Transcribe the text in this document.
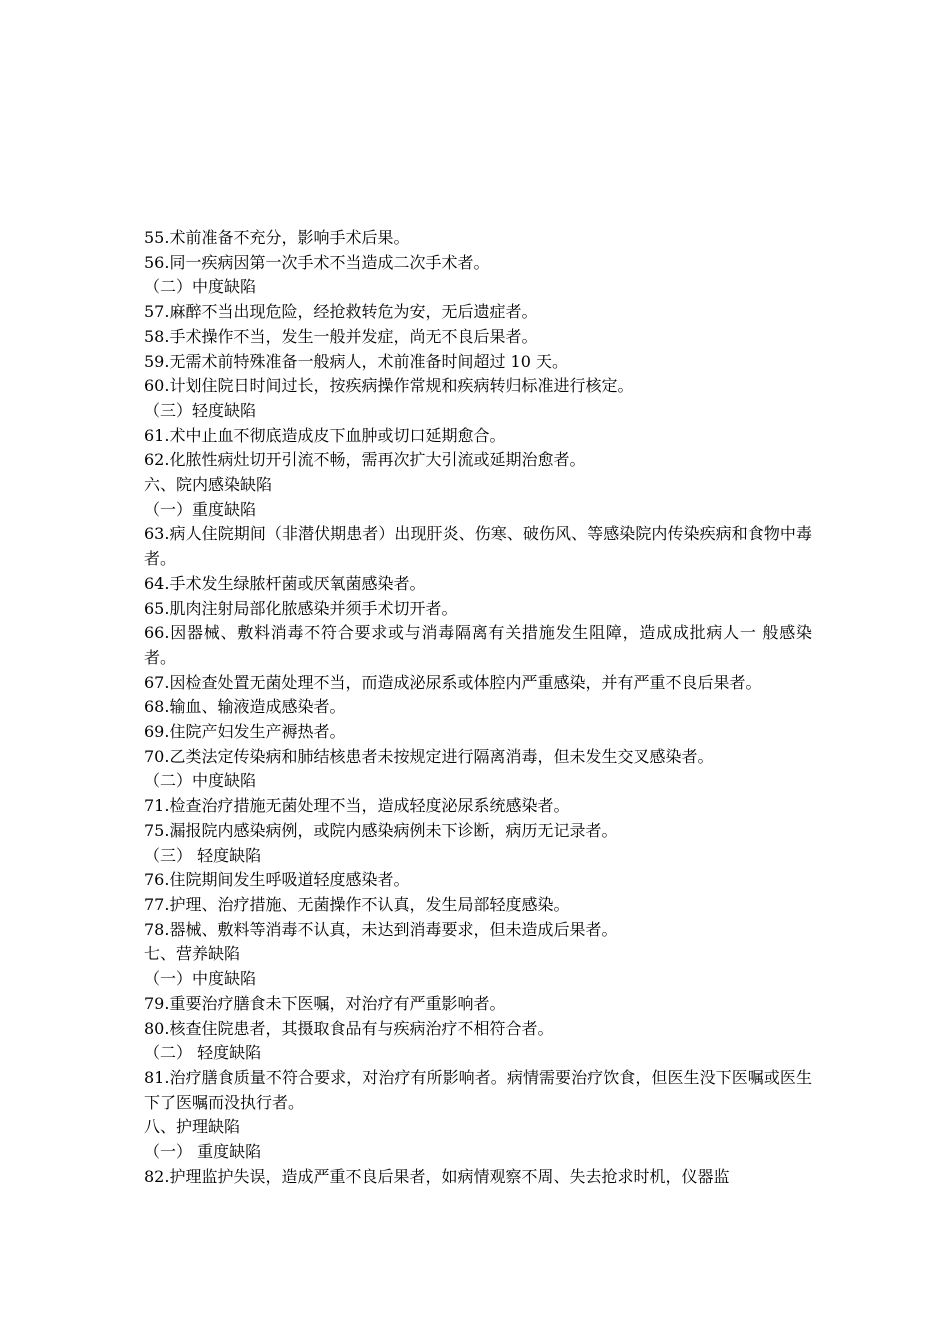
55.术前准备不充分，影响手术后果。
56.同一疾病因第一次手术不当造成二次手术者。
（二）中度缺陷
57.麻醉不当出现危险，经抢救转危为安，无后遗症者。
58.手术操作不当，发生一般并发症，尚无不良后果者。
59.无需术前特殊准备一般病人，术前准备时间超过 10 天。
60.计划住院日时间过长，按疾病操作常规和疾病转归标准进行核定。
（三）轻度缺陷
61.术中止血不彻底造成皮下血肿或切口延期愈合。
62.化脓性病灶切开引流不畅，需再次扩大引流或延期治愈者。
六、院内感染缺陷
（一）重度缺陷
63.病人住院期间（非潜伏期患者）出现肝炎、伤寒、破伤风、等感染院内传染疾病和食物中毒者。
64.手术发生绿脓杆菌或厌氧菌感染者。
65.肌肉注射局部化脓感染并须手术切开者。
66.因器械、敷料消毒不符合要求或与消毒隔离有关措施发生阻障，造成成批病人一 般感染者。
67.因检查处置无菌处理不当，而造成泌尿系或体腔内严重感染，并有严重不良后果者。
68.输血、输液造成感染者。
69.住院产妇发生产褥热者。
70.乙类法定传染病和肺结核患者未按规定进行隔离消毒，但未发生交叉感染者。
（二）中度缺陷
71.检查治疗措施无菌处理不当，造成轻度泌尿系统感染者。
75.漏报院内感染病例，或院内感染病例未下诊断，病历无记录者。
（三） 轻度缺陷
76.住院期间发生呼吸道轻度感染者。
77.护理、治疗措施、无菌操作不认真，发生局部轻度感染。
78.器械、敷料等消毒不认真，未达到消毒要求，但未造成后果者。
七、营养缺陷
（一）中度缺陷
79.重要治疗膳食未下医嘱，对治疗有严重影响者。
80.核查住院患者，其摄取食品有与疾病治疗不相符合者。
（二） 轻度缺陷
81.治疗膳食质量不符合要求，对治疗有所影响者。病情需要治疗饮食，但医生没下医嘱或医生下了医嘱而没执行者。
八、护理缺陷
（一） 重度缺陷
82.护理监护失误，造成严重不良后果者，如病情观察不周、失去抢求时机，仪器监
